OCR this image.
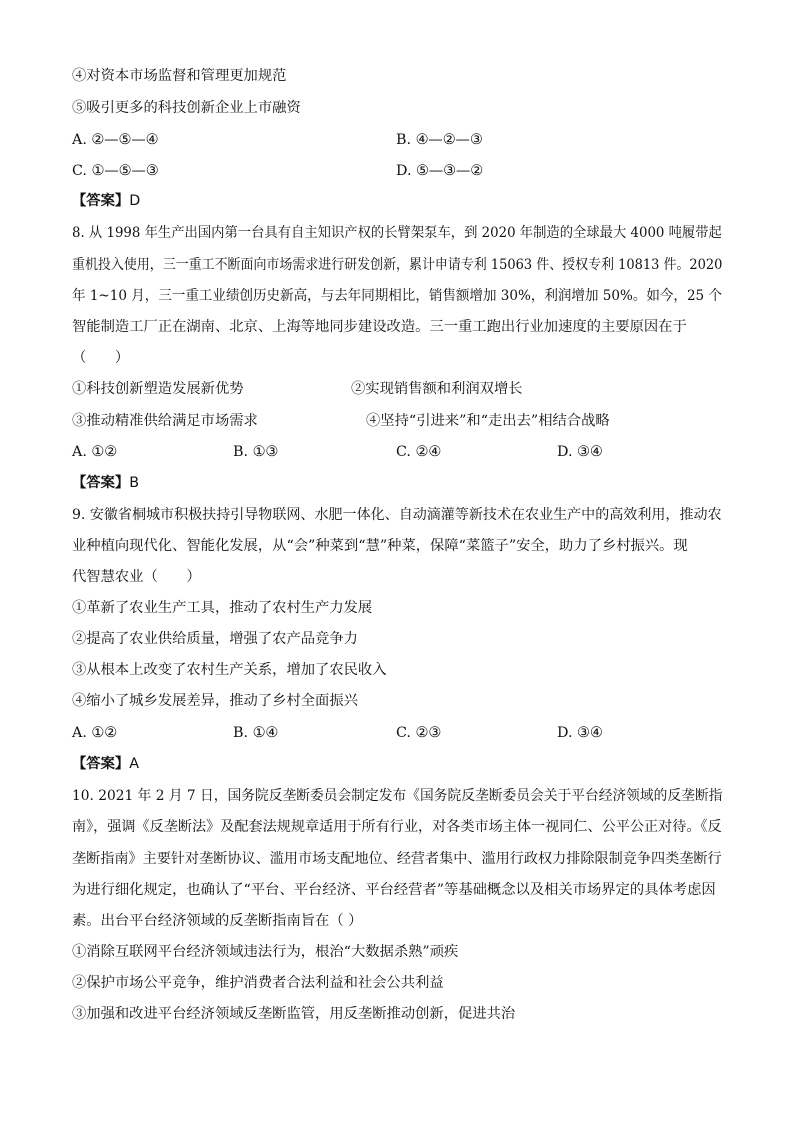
④对资本市场监督和管理更加规范
⑤吸引更多的科技创新企业上市融资
A. ②—⑤—④	B. ④—②—③
C. ①—⑤—③	D. ⑤—③—②
【答案】D
8. 从 1998 年生产出国内第一台具有自主知识产权的长臂架泵车，到 2020 年制造的全球最大 4000 吨履带起
重机投入使用，三一重工不断面向市场需求进行研发创新，累计申请专利 15063 件、授权专利 10813 件。2020
年 1~10 月，三一重工业绩创历史新高，与去年同期相比，销售额增加 30%，利润增加 50%。如今，25 个
智能制造工厂正在湖南、北京、上海等地同步建设改造。三一重工跑出行业加速度的主要原因在于
（　　）
①科技创新塑造发展新优势	②实现销售额和利润双增长
③推动精准供给满足市场需求	④坚持“引进来”和“走出去”相结合战略
A. ①②	B. ①③	C. ②④	D. ③④
【答案】B
9. 安徽省桐城市积极扶持引导物联网、水肥一体化、自动滴灌等新技术在农业生产中的高效利用，推动农
业种植向现代化、智能化发展，从“会”种菜到“慧”种菜，保障“菜篮子”安全，助力了乡村振兴。现
代智慧农业（　　）
①革新了农业生产工具，推动了农村生产力发展
②提高了农业供给质量，增强了农产品竞争力
③从根本上改变了农村生产关系，增加了农民收入
④缩小了城乡发展差异，推动了乡村全面振兴
A. ①②	B. ①④	C. ②③	D. ③④
【答案】A
10. 2021 年 2 月 7 日，国务院反垄断委员会制定发布《国务院反垄断委员会关于平台经济领域的反垄断指
南》，强调《反垄断法》及配套法规规章适用于所有行业，对各类市场主体一视同仁、公平公正对待。《反
垄断指南》主要针对垄断协议、滥用市场支配地位、经营者集中、滥用行政权力排除限制竞争四类垄断行
为进行细化规定，也确认了“平台、平台经济、平台经营者”等基础概念以及相关市场界定的具体考虑因
素。出台平台经济领域的反垄断指南旨在（ ）
①消除互联网平台经济领域违法行为，根治“大数据杀熟”顽疾
②保护市场公平竞争，维护消费者合法利益和社会公共利益
③加强和改进平台经济领域反垄断监管，用反垄断推动创新，促进共治
